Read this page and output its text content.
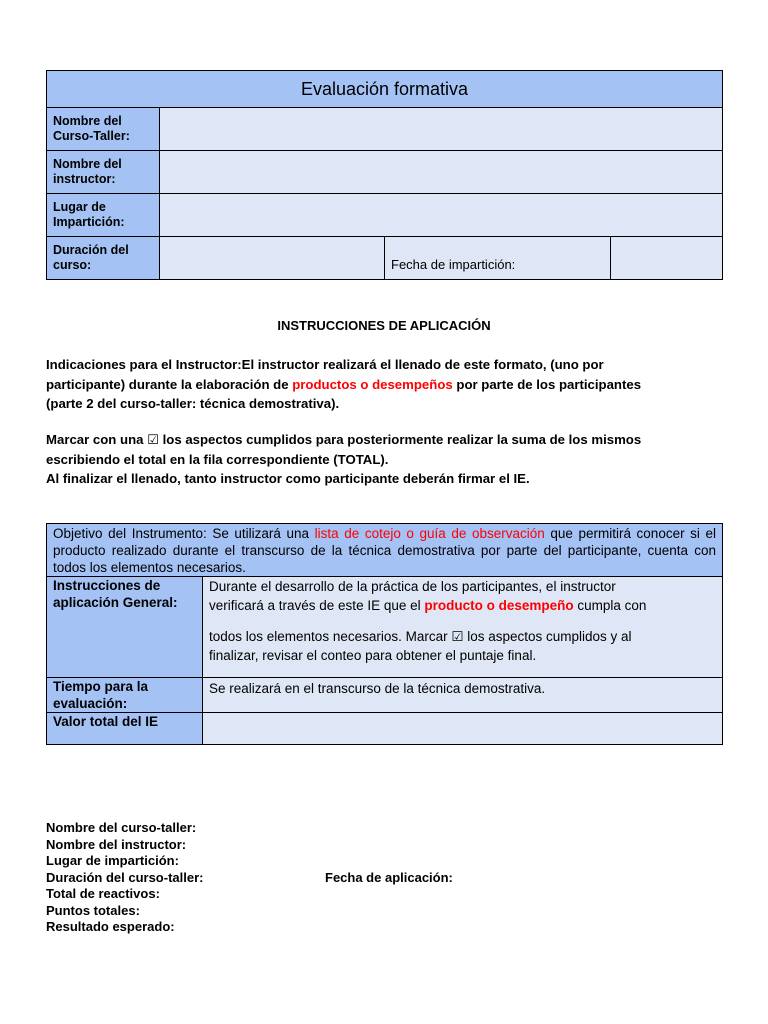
Evaluación formativa			

Nombre del
Curso-Taller:			

Nombre del
instructor:			

Lugar de
Impartición:			

Duración del
curso:		Fecha de impartición:	
INSTRUCCIONES DE APLICACIÓN
Indicaciones para el Instructor:El instructor realizará el llenado de este formato, (uno por
participante) durante la elaboración de productos o desempeños por parte de los participantes
(parte 2 del curso-taller: técnica demostrativa).
Marcar con una ☑ los aspectos cumplidos para posteriormente realizar la suma de los mismos
escribiendo el total en la fila correspondiente (TOTAL).
Al finalizar el llenado, tanto instructor como participante deberán firmar el IE.
Objetivo del Instrumento: Se utilizará una lista de cotejo o guía de observación que permitirá conocer si el producto realizado durante el transcurso de la técnica demostrativa por parte del participante, cuenta con todos los elementos necesarios.	
Instrucciones de aplicación General:	Durante el desarrollo de la práctica de los participantes, el instructor
verificará a través de este IE que el producto o desempeño cumpla con
todos los elementos necesarios. Marcar ☑ los aspectos cumplidos y al
finalizar, revisar el conteo para obtener el puntaje final.

Tiempo para la evaluación:	Se realizará en el transcurso de la técnica demostrativa.
Valor total del IE	
Nombre del curso-taller:
Nombre del instructor:
Lugar de impartición:
Duración del curso-taller:	Fecha de aplicación:
Total de reactivos:
Puntos totales:
Resultado esperado:
